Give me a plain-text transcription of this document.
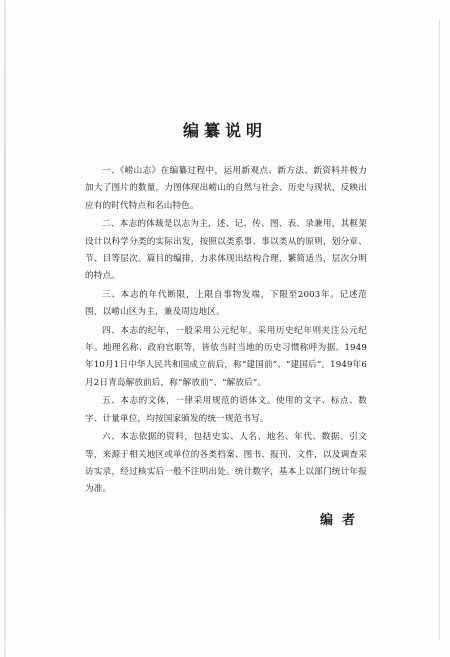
编纂说明

一、《崂山志》在编纂过程中，运用新观点、新方法、新资料并极力加大了图片的数量，力图体现出崂山的自然与社会、历史与现状，反映出应有的时代特点和名山特色。

二、本志的体裁是以志为主，述、记、传、图、表、录兼用，其框架设计以科学分类的实际出发，按照以类系事、事以类从的原则，划分章、节、目等层次。篇目的编排，力求体现出结构合理，繁简适当，层次分明的特点。

三、本志的年代断限，上限自事物发端，下限至2003年。记述范围，以崂山区为主，兼及周边地区。

四、本志的纪年，一般采用公元纪年。采用历史纪年则夹注公元纪年。地理名称、政府官职等，皆依当时当地的历史习惯称呼为据。1949年10月1日中华人民共和国成立前后，称“建国前”、“建国后”。1949年6月2日青岛解放前后，称“解放前”、“解放后”。

五、本志的文体，一律采用规范的语体文。使用的文字、标点、数字、计量单位，均按国家颁发的统一规范书写。

六、本志依据的资料，包括史实、人名、地名、年代、数据、引文等，来源于相关地区或单位的各类档案、图书、报刊、文件，以及调查采访实录，经过核实后一般不注明出处。统计数字，基本上以部门统计年报为准。

编者
